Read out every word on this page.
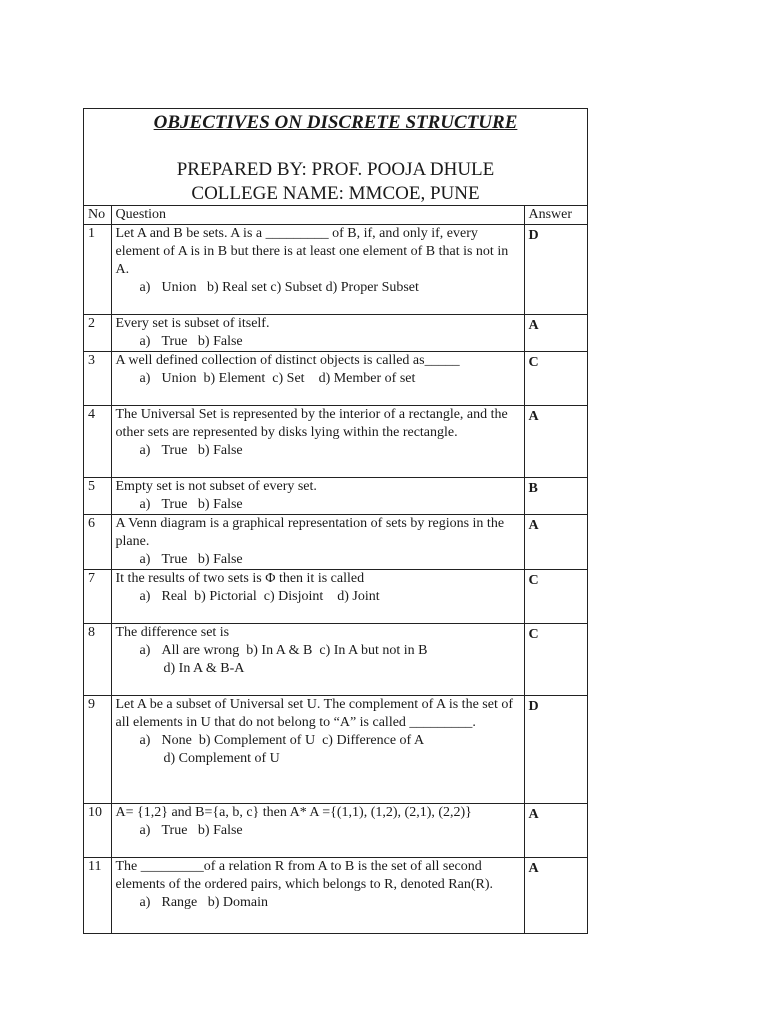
OBJECTIVES ON DISCRETE STRUCTURE

PREPARED BY: PROF. POOJA DHULE

COLLEGE NAME: MMCOE, PUNE

No	Question	Answer
1	Let A and B be sets. A is a _________ of B, if, and only if, every element of A is in B but there is at least one element of B that is not in A.

a) Union   b) Real set c) Subset d) Proper Subset	D
2	Every set is subset of itself.

a) True   b) False	A
3	A well defined collection of distinct objects is called as_____

a) Union  b) Element  c) Set    d) Member of set	C
4	The Universal Set is represented by the interior of a rectangle, and the other sets are represented by disks lying within the rectangle.

a) True   b) False	A
5	Empty set is not subset of every set.

a) True   b) False	B
6	A Venn diagram is a graphical representation of sets by regions in the plane.

a) True   b) False	A
7	It the results of two sets is Φ then it is called

a) Real  b) Pictorial  c) Disjoint    d) Joint	C
8	The difference set is

a) All are wrong  b) In A & B  c) In A but not in B

d) In A & B-A	C
9	Let A be a subset of Universal set U. The complement of A is the set of all elements in U that do not belong to “A” is called _________.

a) None  b) Complement of U  c) Difference of A

d) Complement of U	D
10	A= {1,2} and B={a, b, c} then A* A ={(1,1), (1,2), (2,1), (2,2)}

a) True   b) False	A
11	The _________of a relation R from A to B is the set of all second elements of the ordered pairs, which belongs to R, denoted Ran(R).

a) Range   b) Domain	A
